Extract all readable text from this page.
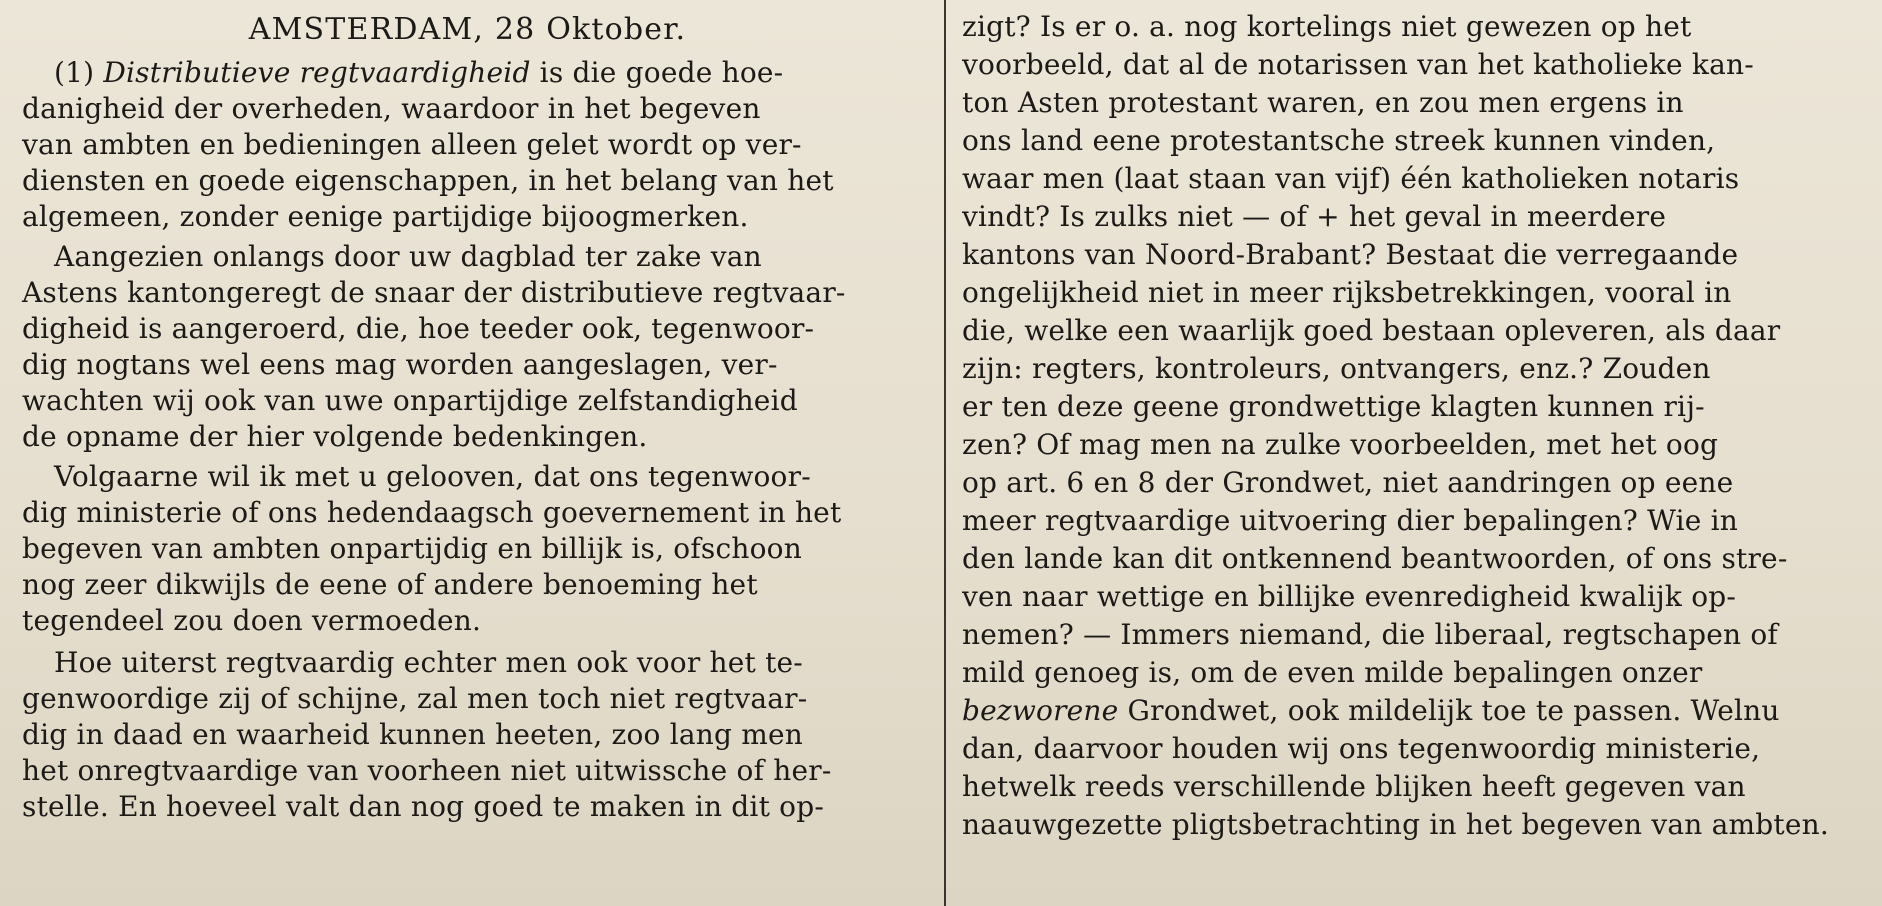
AMSTERDAM, 28 Oktober.
(1) Distributieve regtvaardigheid is die goede hoe-
danigheid der overheden, waardoor in het begeven
van ambten en bedieningen alleen gelet wordt op ver-
diensten en goede eigenschappen, in het belang van het
algemeen, zonder eenige partijdige bijoogmerken.
Aangezien onlangs door uw dagblad ter zake van
Astens kantongeregt de snaar der distributieve regtvaar-
digheid is aangeroerd, die, hoe teeder ook, tegenwoor-
dig nogtans wel eens mag worden aangeslagen, ver-
wachten wij ook van uwe onpartijdige zelfstandigheid
de opname der hier volgende bedenkingen.
Volgaarne wil ik met u gelooven, dat ons tegenwoor-
dig ministerie of ons hedendaagsch goevernement in het
begeven van ambten onpartijdig en billijk is, ofschoon
nog zeer dikwijls de eene of andere benoeming het
tegendeel zou doen vermoeden.
Hoe uiterst regtvaardig echter men ook voor het te-
genwoordige zij of schijne, zal men toch niet regtvaar-
dig in daad en waarheid kunnen heeten, zoo lang men
het onregtvaardige van voorheen niet uitwissche of her-
stelle. En hoeveel valt dan nog goed te maken in dit op-
zigt? Is er o. a. nog kortelings niet gewezen op het
voorbeeld, dat al de notarissen van het katholieke kan-
ton Asten protestant waren, en zou men ergens in
ons land eene protestantsche streek kunnen vinden,
waar men (laat staan van vijf) één katholieken notaris
vindt? Is zulks niet — of + het geval in meerdere
kantons van Noord-Brabant? Bestaat die verregaande
ongelijkheid niet in meer rijksbetrekkingen, vooral in
die, welke een waarlijk goed bestaan opleveren, als daar
zijn: regters, kontroleurs, ontvangers, enz.? Zouden
er ten deze geene grondwettige klagten kunnen rij-
zen? Of mag men na zulke voorbeelden, met het oog
op art. 6 en 8 der Grondwet, niet aandringen op eene
meer regtvaardige uitvoering dier bepalingen? Wie in
den lande kan dit ontkennend beantwoorden, of ons stre-
ven naar wettige en billijke evenredigheid kwalijk op-
nemen? — Immers niemand, die liberaal, regtschapen of
mild genoeg is, om de even milde bepalingen onzer
bezworene Grondwet, ook mildelijk toe te passen. Welnu
dan, daarvoor houden wij ons tegenwoordig ministerie,
hetwelk reeds verschillende blijken heeft gegeven van
naauwgezette pligtsbetrachting in het begeven van ambten.
